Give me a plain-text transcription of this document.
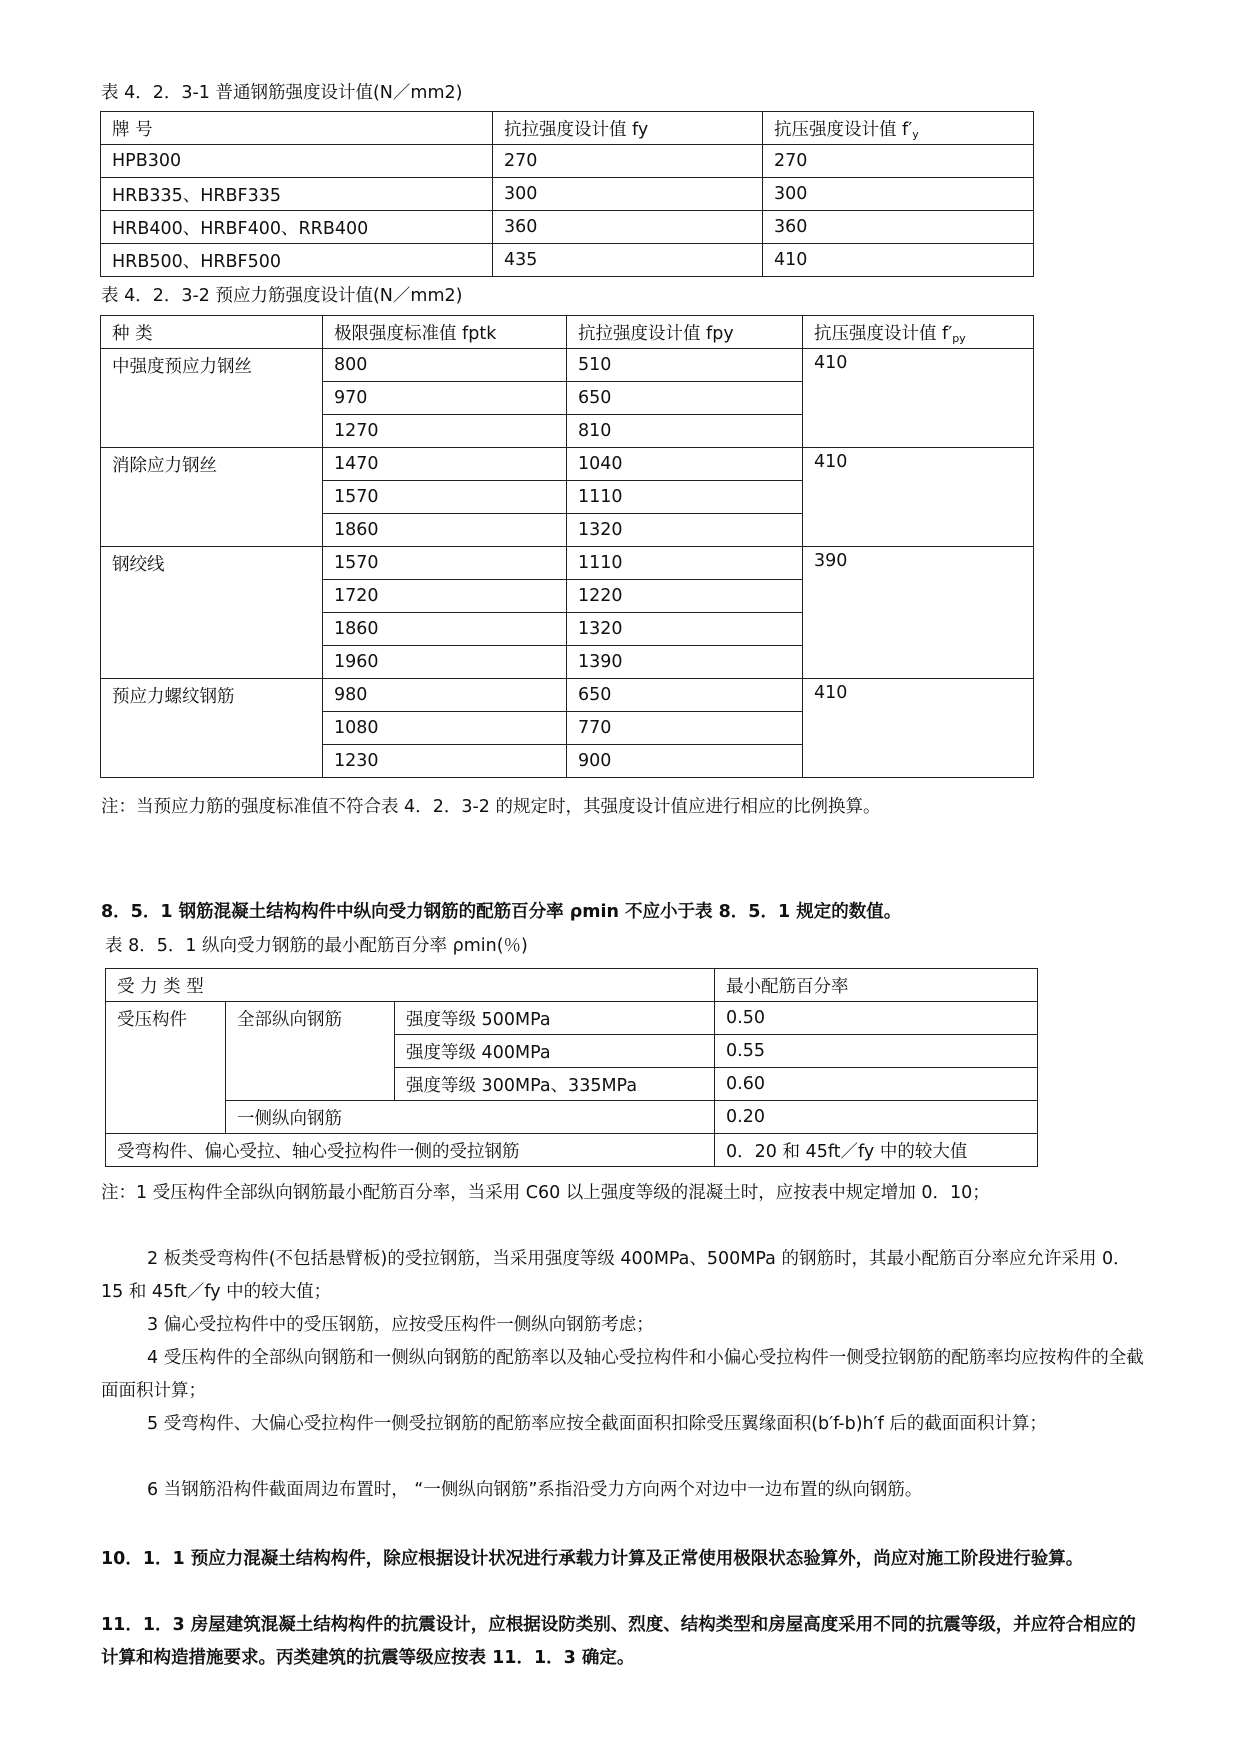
表 4．2．3-1 普通钢筋强度设计值(N／mm2)
牌 号	抗拉强度设计值 fy	抗压强度设计值 $f'_y$
HPB300	270	270
HRB335、HRBF335	300	300
HRB400、HRBF400、RRB400	360	360
HRB500、HRBF500	435	410
表 4．2．3-2 预应力筋强度设计值(N／mm2)
种 类	极限强度标准值 fptk	抗拉强度设计值 fpy	抗压强度设计值 $f'_{py}$
中强度预应力钢丝	800	510	410
	970	650	
	1270	810	
消除应力钢丝	1470	1040	410
	1570	1110	
	1860	1320	
钢绞线	1570	1110	390
	1720	1220	
	1860	1320	
	1960	1390	
预应力螺纹钢筋	980	650	410
	1080	770	
	1230	900	
注：当预应力筋的强度标准值不符合表 4．2．3-2 的规定时，其强度设计值应进行相应的比例换算。
8．5．1 钢筋混凝土结构构件中纵向受力钢筋的配筋百分率 ρmin 不应小于表 8．5．1 规定的数值。
表 8．5．1 纵向受力钢筋的最小配筋百分率 ρmin(％)
受 力 类 型			最小配筋百分率
受压构件	全部纵向钢筋	强度等级 500MPa	0.50
		强度等级 400MPa	0.55
		强度等级 300MPa、335MPa	0.60
	一侧纵向钢筋		0.20
受弯构件、偏心受拉、轴心受拉构件一侧的受拉钢筋			0．20 和 45ft／fy 中的较大值
注：1 受压构件全部纵向钢筋最小配筋百分率，当采用 C60 以上强度等级的混凝土时，应按表中规定增加 0．10；
2 板类受弯构件(不包括悬臂板)的受拉钢筋，当采用强度等级 400MPa、500MPa 的钢筋时，其最小配筋百分率应允许采用 0．15 和 45ft／fy 中的较大值；
3 偏心受拉构件中的受压钢筋，应按受压构件一侧纵向钢筋考虑；
4 受压构件的全部纵向钢筋和一侧纵向钢筋的配筋率以及轴心受拉构件和小偏心受拉构件一侧受拉钢筋的配筋率均应按构件的全截面面积计算；
5 受弯构件、大偏心受拉构件一侧受拉钢筋的配筋率应按全截面面积扣除受压翼缘面积(b′f-b)h′f 后的截面面积计算；
6 当钢筋沿构件截面周边布置时， “一侧纵向钢筋”系指沿受力方向两个对边中一边布置的纵向钢筋。
10．1．1 预应力混凝土结构构件，除应根据设计状况进行承载力计算及正常使用极限状态验算外，尚应对施工阶段进行验算。
11．1．3 房屋建筑混凝土结构构件的抗震设计，应根据设防类别、烈度、结构类型和房屋高度采用不同的抗震等级，并应符合相应的计算和构造措施要求。丙类建筑的抗震等级应按表 11．1．3 确定。
